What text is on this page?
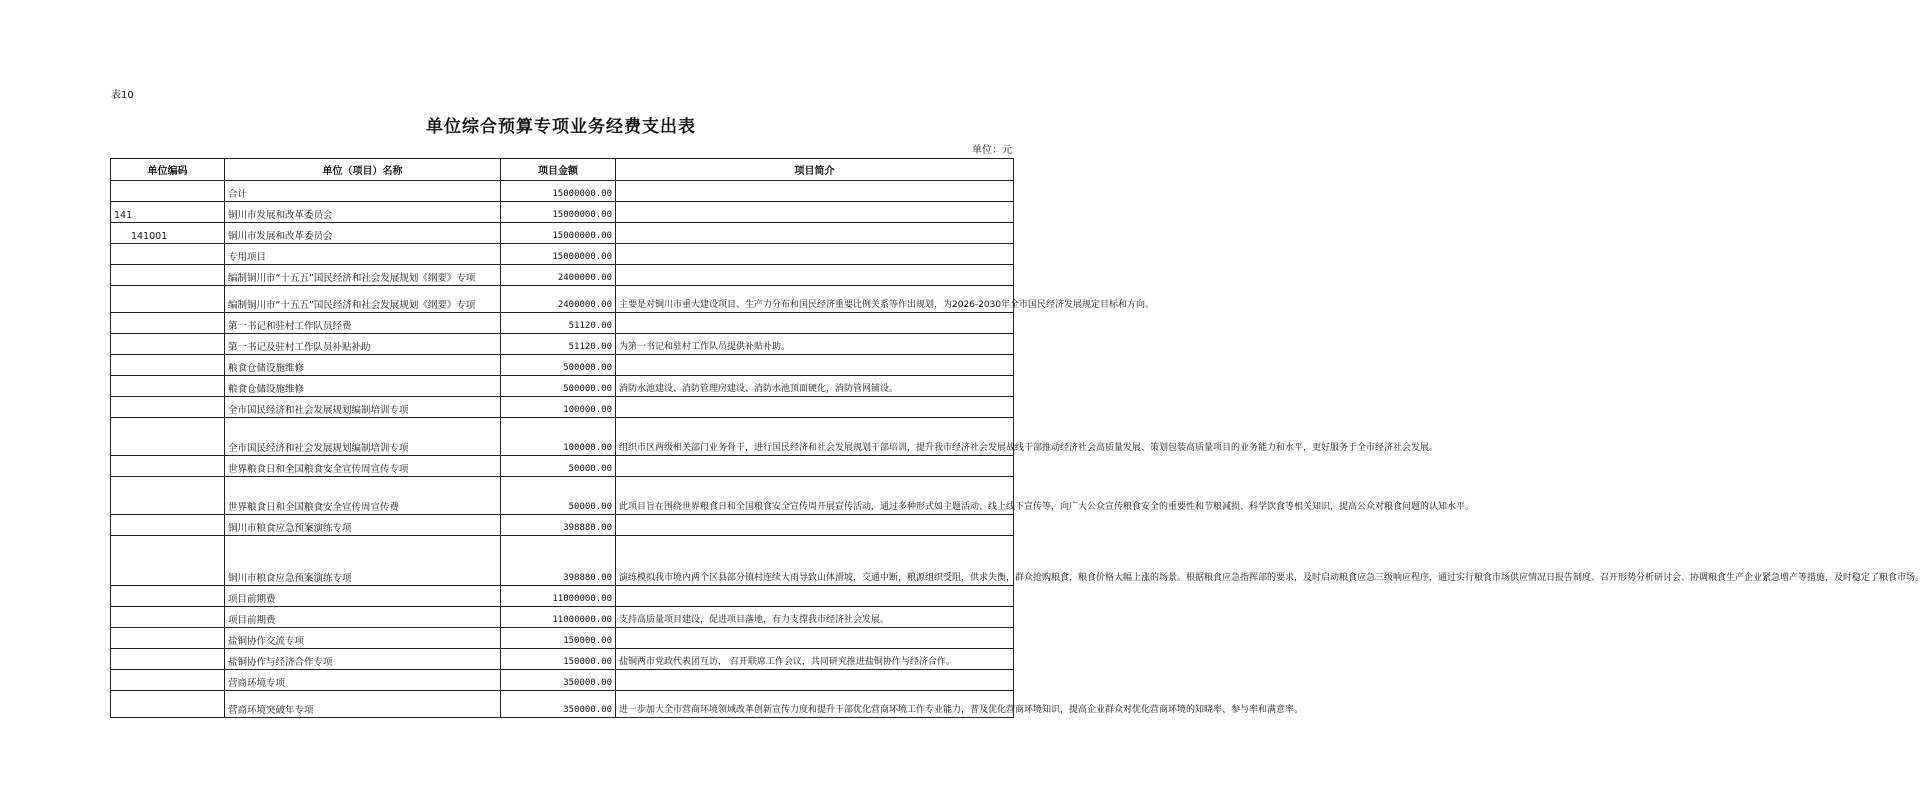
表10
单位综合预算专项业务经费支出表
单位：元
单位编码	单位（项目）名称	项目金额	项目简介
	合计	15000000.00	
141	铜川市发展和改革委员会	15000000.00	
141001	铜川市发展和改革委员会	15000000.00	
	专用项目	15000000.00	
	编制铜川市“十五五”国民经济和社会发展规划《纲要》专项	2400000.00	
	编制铜川市“十五五”国民经济和社会发展规划《纲要》专项	2400000.00	主要是对铜川市重大建设项目、生产力分布和国民经济重要比例关系等作出规划，为2026-2030年全市国民经济发展规定目标和方向。
	第一书记和驻村工作队员经费	51120.00	
	第一书记及驻村工作队员补贴补助	51120.00	为第一书记和驻村工作队员提供补贴补助。
	粮食仓储设施维修	500000.00	
	粮食仓储设施维修	500000.00	消防水池建设、消防管理房建设、消防水池顶面硬化，消防管网铺设。
	全市国民经济和社会发展规划编制培训专项	100000.00	
	全市国民经济和社会发展规划编制培训专项	100000.00	组织市区两级相关部门业务骨干，进行国民经济和社会发展规划干部培训，提升我市经济社会发展战线干部推动经济社会高质量发展、策划包装高质量项目的业务能力和水平，更好服务于全市经济社会发展。
	世界粮食日和全国粮食安全宣传周宣传专项	50000.00	
	世界粮食日和全国粮食安全宣传周宣传费	50000.00	此项目旨在围绕世界粮食日和全国粮食安全宣传周开展宣传活动，通过多种形式如主题活动、线上线下宣传等，向广大公众宣传粮食安全的重要性和节粮减损、科学饮食等相关知识，提高公众对粮食问题的认知水平。
	铜川市粮食应急预案演练专项	398880.00	
	铜川市粮食应急预案演练专项	398880.00	演练模拟我市境内两个区县部分镇村连续大雨导致山体滑坡，交通中断，粮源组织受阻，供求失衡，群众抢购粮食，粮食价格大幅上涨的场景。根据粮食应急指挥部的要求，及时启动粮食应急三级响应程序，通过实行粮食市场供应情况日报告制度、召开形势分析研讨会、协调粮食生产企业紧急增产等措施，及时稳定了粮食市场。
	项目前期费	11000000.00	
	项目前期费	11000000.00	支持高质量项目建设，促进项目落地，有力支撑我市经济社会发展。
	盐铜协作交流专项	150000.00	
	盐铜协作与经济合作专项	150000.00	盐铜两市党政代表团互访， 召开联席工作会议，共同研究推进盐铜协作与经济合作。
	营商环境专项	350000.00	
	营商环境突破年专项	350000.00	进一步加大全市营商环境领域改革创新宣传力度和提升干部优化营商环境工作专业能力，普及优化营商环境知识，提高企业群众对优化营商环境的知晓率、参与率和满意率。
